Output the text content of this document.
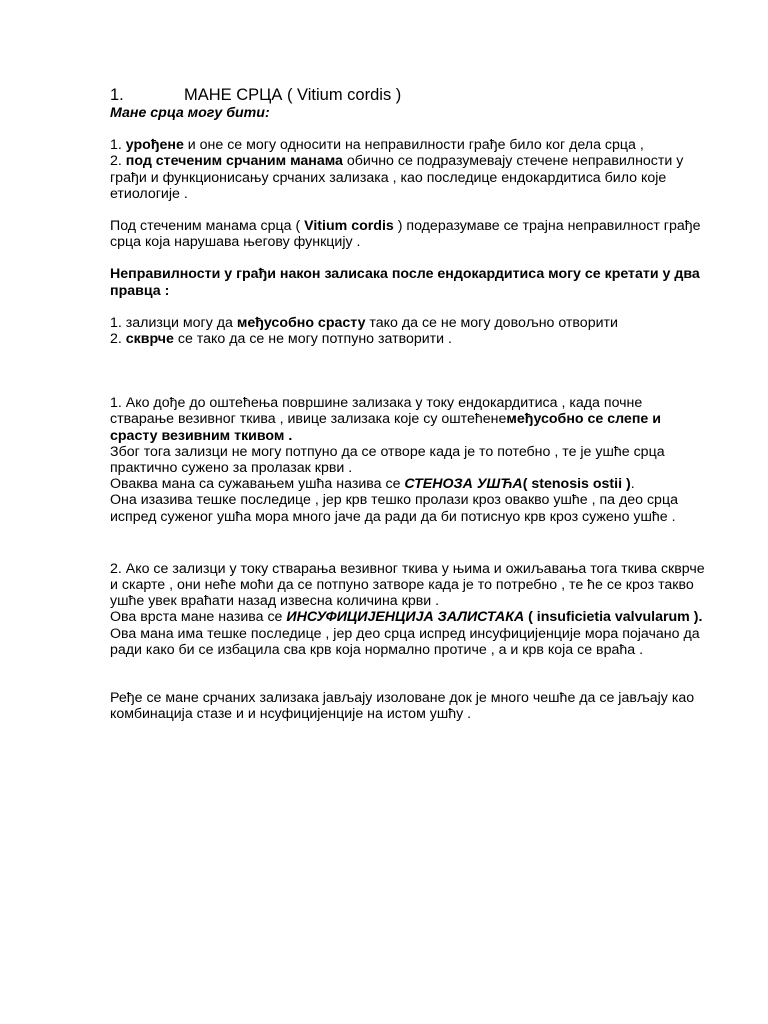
1.	МАНЕ СРЦА ( Vitium cordis )

Мане срца могу бити:

1. урођене и оне се могу односити на неправилности грађе било ког дела срца ,

2. под стеченим срчаним манама обично се подразумевају стечене неправилности у грађи и функционисању срчаних зализака , као последице ендокардитиса било које етиологије .

Под стеченим манама срца ( Vitium cordis ) подеразумаве се трајна неправилност грађе срца која нарушава његову функцију .

Неправилности у грађи након залисака после ендокардитиса могу се кретати у два правца :

1. зализци могу да међусобно срасту тако да се не могу довољно отворити

2. скврче се тако да се не могу потпуно затворити .

1. Ако дође до оштећења површине зализака у току ендокардитиса , када почне стварање везивног ткива , ивице зализака које су оштећенемеђусобно се слепе и срасту везивним ткивом .

Због тога зализци не могу потпуно да се отворе када је то потебно , те је ушће срца практично сужено за пролазак крви .

Оваква мана са сужавањем ушћа назива се СТЕНОЗА УШЋА( stenosis ostii ).

Она изазива тешке последице , јер крв тешко пролази кроз овакво ушће , па део срца испред суженог ушћа мора много јаче да ради да би потиснуо крв кроз сужено ушће .

2. Ако се зализци у току стварања везивног ткива у њима и ожиљавања тога ткива скврче и скарте , они неће моћи да се потпуно затворе када је то потребно , те ће се кроз такво ушће увек враћати назад извесна количина крви .

Ова врста мане назива се ИНСУФИЦИЈЕНЦИЈА ЗАЛИСТАКА ( insuficietia valvularum ).

Ова мана има тешке последице , јер део срца испред инсуфицијенције мора појачано да ради како би се избацила сва крв која нормално протиче , а и крв која се враћа .

Ређе се мане срчаних зализака јављају изоловане док је много чешће да се јављају као комбинација стазе и и нсуфицијенције на истом ушћу .
